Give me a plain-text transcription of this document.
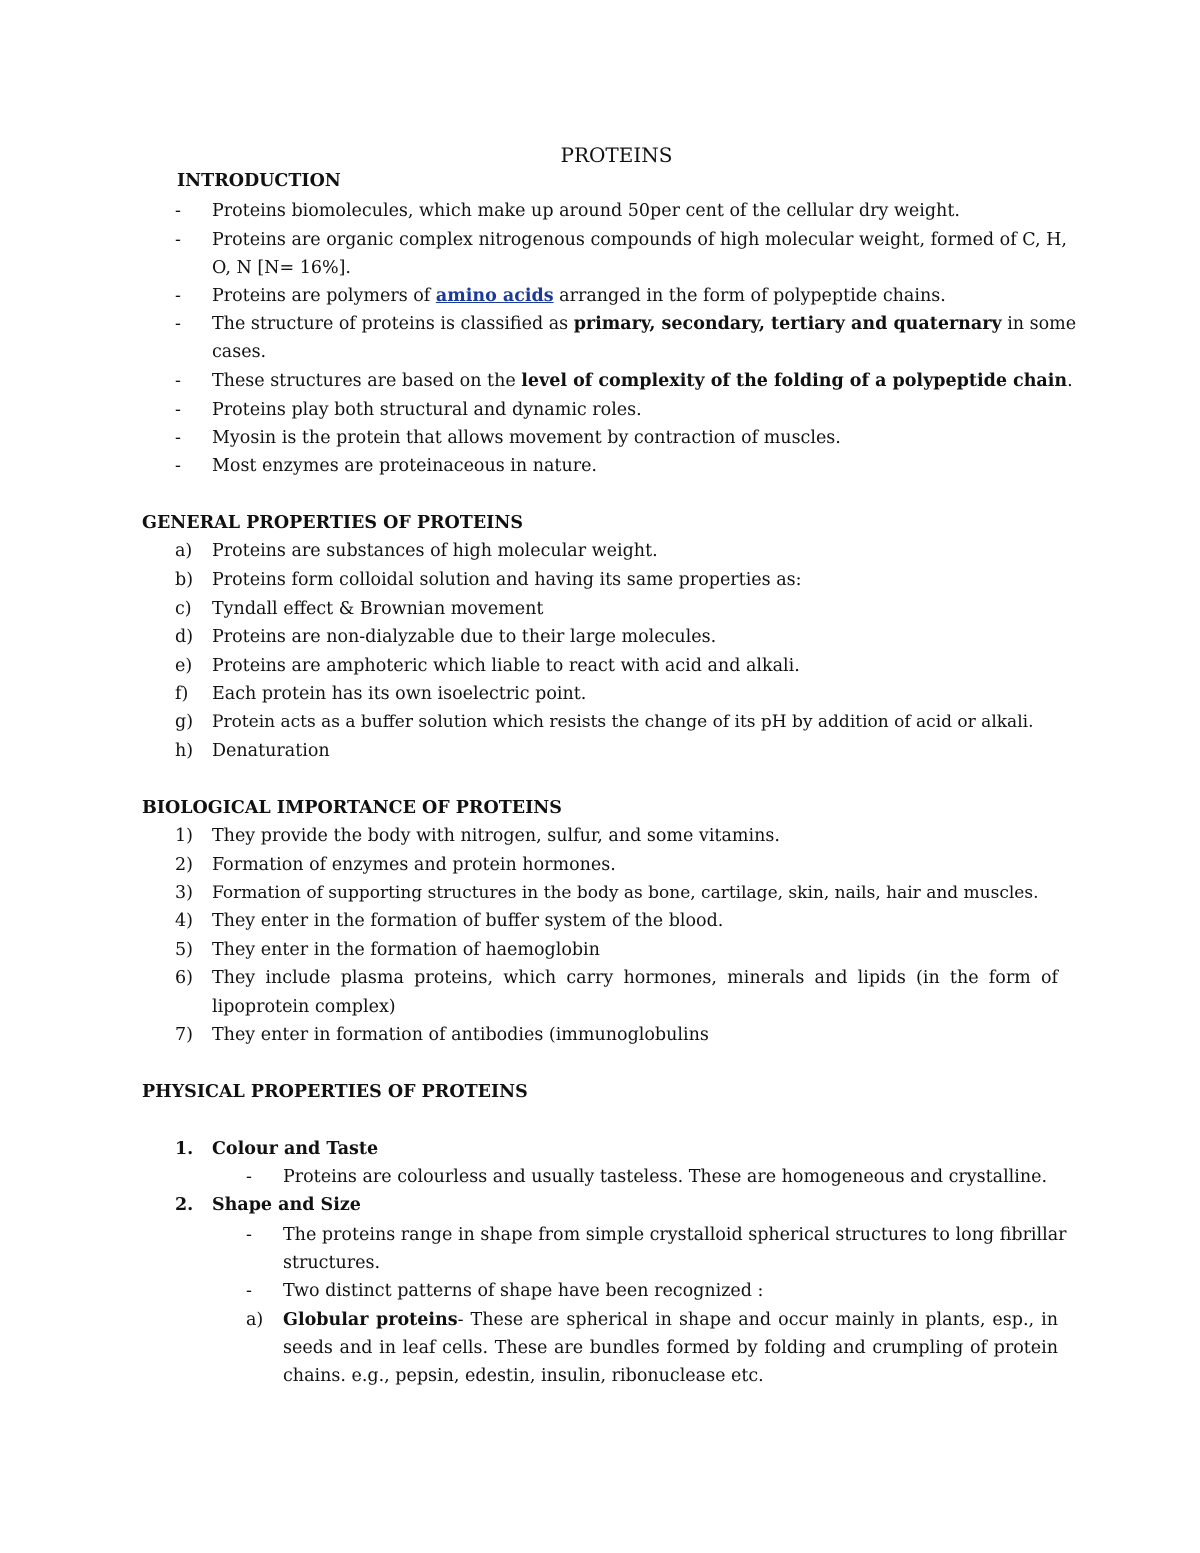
PROTEINS
INTRODUCTION
- Proteins biomolecules, which make up around 50per cent of the cellular dry weight.
- Proteins are organic complex nitrogenous compounds of high molecular weight, formed of C, H,
O, N [N= 16%].
- Proteins are polymers of amino acids arranged in the form of polypeptide chains.
- The structure of proteins is classified as primary, secondary, tertiary and quaternary in some
cases.
- These structures are based on the level of complexity of the folding of a polypeptide chain.
- Proteins play both structural and dynamic roles.
- Myosin is the protein that allows movement by contraction of muscles.
- Most enzymes are proteinaceous in nature.
GENERAL PROPERTIES OF PROTEINS
a) Proteins are substances of high molecular weight.
b) Proteins form colloidal solution and having its same properties as:
c) Tyndall effect & Brownian movement
d) Proteins are non-dialyzable due to their large molecules.
e) Proteins are amphoteric which liable to react with acid and alkali.
f) Each protein has its own isoelectric point.
g) Protein acts as a buffer solution which resists the change of its pH by addition of acid or alkali.
h) Denaturation
BIOLOGICAL IMPORTANCE OF PROTEINS
1) They provide the body with nitrogen, sulfur, and some vitamins.
2) Formation of enzymes and protein hormones.
3) Formation of supporting structures in the body as bone, cartilage, skin, nails, hair and muscles.
4) They enter in the formation of buffer system of the blood.
5) They enter in the formation of haemoglobin
6) They include plasma proteins, which carry hormones, minerals and lipids (in the form of
lipoprotein complex)
7) They enter in formation of antibodies (immunoglobulins
PHYSICAL PROPERTIES OF PROTEINS
1. Colour and Taste
- Proteins are colourless and usually tasteless. These are homogeneous and crystalline.
2. Shape and Size
- The proteins range in shape from simple crystalloid spherical structures to long fibrillar
structures.
- Two distinct patterns of shape have been recognized :
a) Globular proteins- These are spherical in shape and occur mainly in plants, esp., in
seeds and in leaf cells. These are bundles formed by folding and crumpling of protein
chains. e.g., pepsin, edestin, insulin, ribonuclease etc.
